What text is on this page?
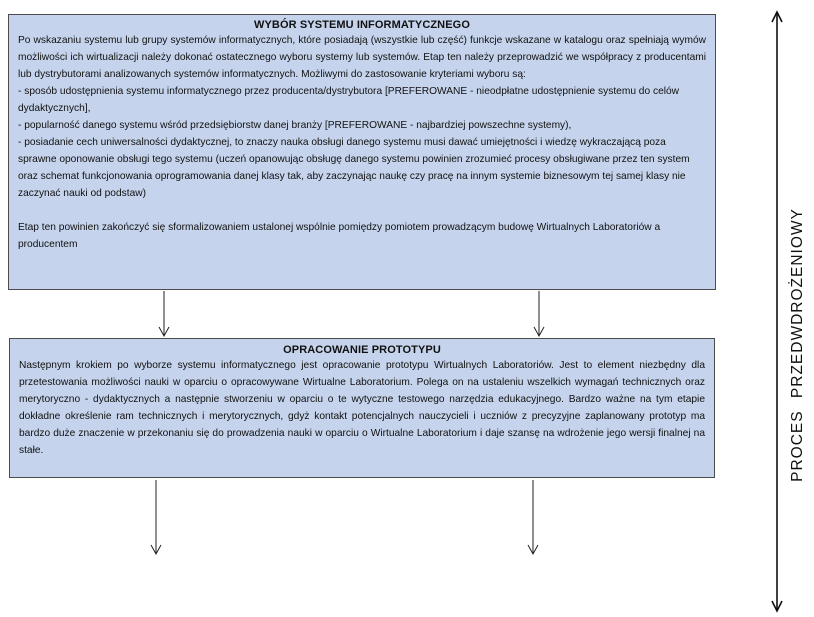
WYBÓR SYSTEMU INFORMATYCZNEGO

Po wskazaniu systemu lub grupy systemów informatycznych, które posiadają (wszystkie lub część) funkcje wskazane w katalogu oraz spełniają wymów możliwości ich wirtualizacji należy dokonać ostatecznego wyboru systemy lub systemów. Etap ten należy przeprowadzić we współpracy z producentami lub dystrybutorami analizowanych systemów informatycznych. Możliwymi do zastosowanie kryteriami wyboru są:

- sposób udostępnienia systemu informatycznego przez producenta/dystrybutora [PREFEROWANE - nieodpłatne udostępnienie systemu do celów dydaktycznych],

- popularność danego systemu wśród przedsiębiorstw danej branży [PREFEROWANE - najbardziej powszechne systemy),

- posiadanie cech uniwersalności dydaktycznej, to znaczy nauka obsługi danego systemu musi dawać umiejętności i wiedzę wykraczającą poza sprawne oponowanie obsługi tego systemu (uczeń opanowując obsługę danego systemu powinien zrozumieć procesy obsługiwane przez ten system oraz schemat funkcjonowania oprogramowania danej klasy tak, aby zaczynając naukę czy pracę na innym systemie biznesowym tej samej klasy nie zaczynać nauki od podstaw)

Etap ten powinien zakończyć się sformalizowaniem ustalonej wspólnie pomiędzy pomiotem prowadzącym budowę Wirtualnych Laboratoriów a producentem

OPRACOWANIE PROTOTYPU

Następnym krokiem po wyborze systemu informatycznego jest opracowanie prototypu Wirtualnych Laboratoriów. Jest to element niezbędny dla przetestowania możliwości nauki w oparciu o opracowywane Wirtualne Laboratorium. Polega on na ustaleniu wszelkich wymagań technicznych oraz merytoryczno - dydaktycznych a następnie stworzeniu w oparciu o te wytyczne testowego narzędzia edukacyjnego. Bardzo ważne na tym etapie dokładne określenie ram technicznych i merytorycznych, gdyż kontakt potencjalnych nauczycieli i uczniów z precyzyjne zaplanowany prototyp ma bardzo duże znaczenie w przekonaniu się do prowadzenia nauki w oparciu o Wirtualne Laboratorium i daje szansę na wdrożenie jego wersji finalnej na stałe.	PROCES PRZEDWDROŻENIOWY
